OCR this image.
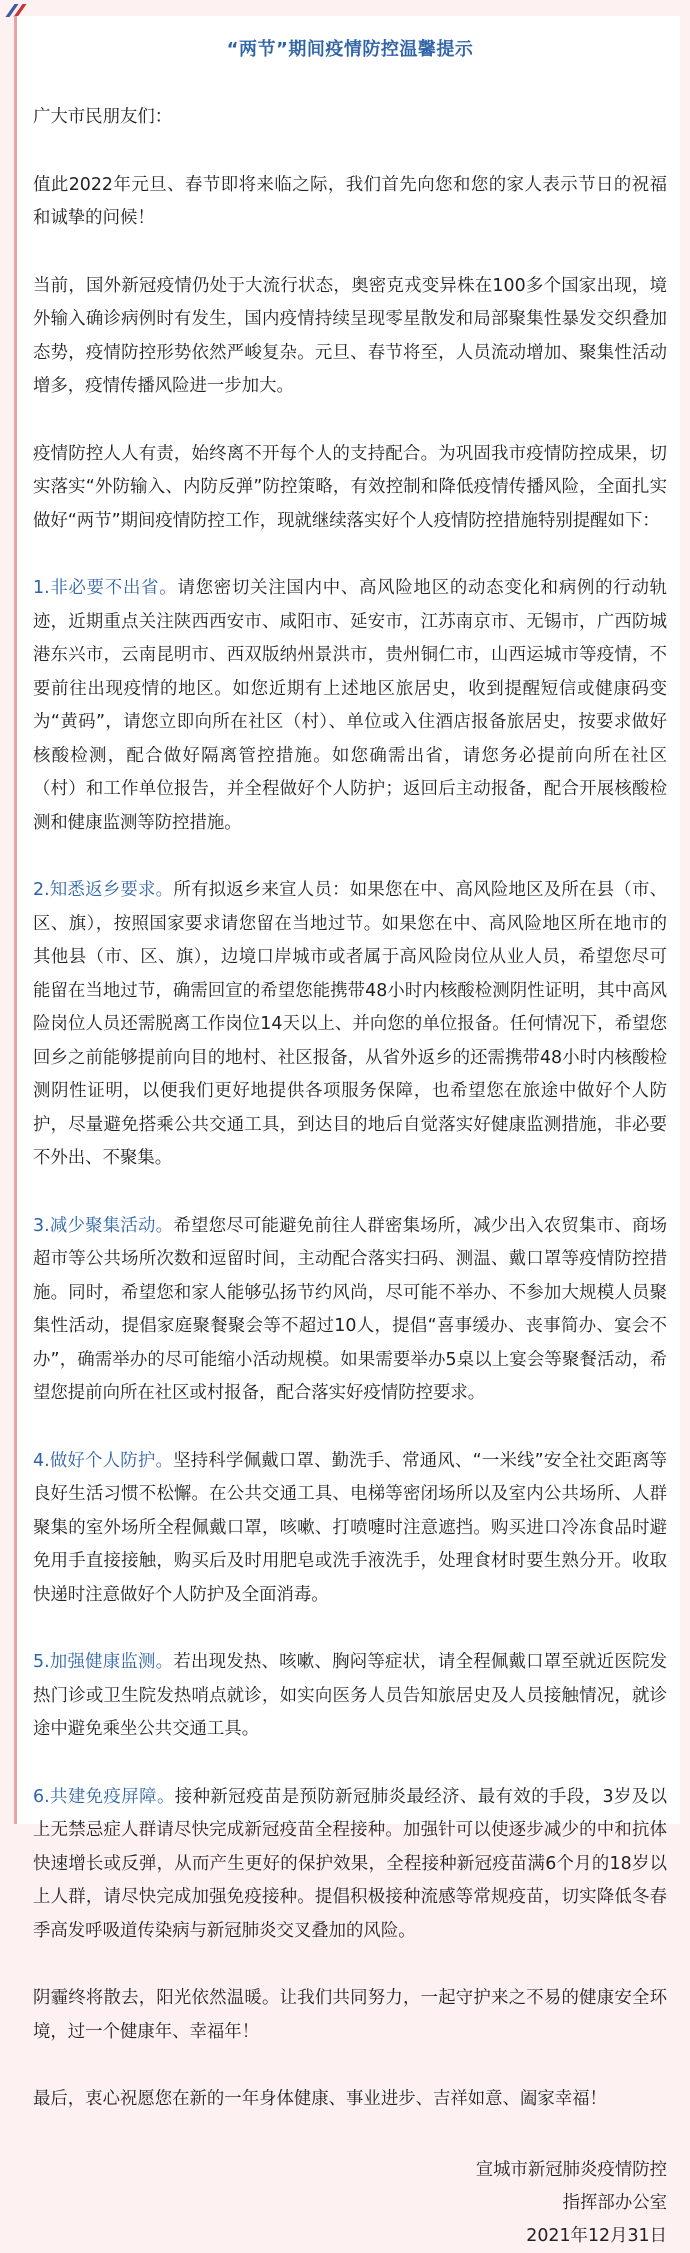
“两节”期间疫情防控温馨提示

广大市民朋友们：

值此2022年元旦、春节即将来临之际，我们首先向您和您的家人表示节日的祝福和诚挚的问候！

当前，国外新冠疫情仍处于大流行状态，奥密克戎变异株在100多个国家出现，境外输入确诊病例时有发生，国内疫情持续呈现零星散发和局部聚集性暴发交织叠加态势，疫情防控形势依然严峻复杂。元旦、春节将至，人员流动增加、聚集性活动增多，疫情传播风险进一步加大。

疫情防控人人有责，始终离不开每个人的支持配合。为巩固我市疫情防控成果，切实落实“外防输入、内防反弹”防控策略，有效控制和降低疫情传播风险，全面扎实做好“两节”期间疫情防控工作，现就继续落实好个人疫情防控措施特别提醒如下：

1.非必要不出省。请您密切关注国内中、高风险地区的动态变化和病例的行动轨迹，近期重点关注陕西西安市、咸阳市、延安市，江苏南京市、无锡市，广西防城港东兴市，云南昆明市、西双版纳州景洪市，贵州铜仁市，山西运城市等疫情，不要前往出现疫情的地区。如您近期有上述地区旅居史，收到提醒短信或健康码变为“黄码”，请您立即向所在社区（村）、单位或入住酒店报备旅居史，按要求做好核酸检测，配合做好隔离管控措施。如您确需出省，请您务必提前向所在社区（村）和工作单位报告，并全程做好个人防护；返回后主动报备，配合开展核酸检测和健康监测等防控措施。

2.知悉返乡要求。所有拟返乡来宣人员：如果您在中、高风险地区及所在县（市、区、旗），按照国家要求请您留在当地过节。如果您在中、高风险地区所在地市的其他县（市、区、旗），边境口岸城市或者属于高风险岗位从业人员，希望您尽可能留在当地过节，确需回宣的希望您能携带48小时内核酸检测阴性证明，其中高风险岗位人员还需脱离工作岗位14天以上、并向您的单位报备。任何情况下，希望您回乡之前能够提前向目的地村、社区报备，从省外返乡的还需携带48小时内核酸检测阴性证明，以便我们更好地提供各项服务保障，也希望您在旅途中做好个人防护，尽量避免搭乘公共交通工具，到达目的地后自觉落实好健康监测措施，非必要不外出、不聚集。

3.减少聚集活动。希望您尽可能避免前往人群密集场所，减少出入农贸集市、商场超市等公共场所次数和逗留时间，主动配合落实扫码、测温、戴口罩等疫情防控措施。同时，希望您和家人能够弘扬节约风尚，尽可能不举办、不参加大规模人员聚集性活动，提倡家庭聚餐聚会等不超过10人，提倡“喜事缓办、丧事简办、宴会不办”，确需举办的尽可能缩小活动规模。如果需要举办5桌以上宴会等聚餐活动，希望您提前向所在社区或村报备，配合落实好疫情防控要求。

4.做好个人防护。坚持科学佩戴口罩、勤洗手、常通风、“一米线”安全社交距离等良好生活习惯不松懈。在公共交通工具、电梯等密闭场所以及室内公共场所、人群聚集的室外场所全程佩戴口罩，咳嗽、打喷嚏时注意遮挡。购买进口冷冻食品时避免用手直接接触，购买后及时用肥皂或洗手液洗手，处理食材时要生熟分开。收取快递时注意做好个人防护及全面消毒。

5.加强健康监测。若出现发热、咳嗽、胸闷等症状，请全程佩戴口罩至就近医院发热门诊或卫生院发热哨点就诊，如实向医务人员告知旅居史及人员接触情况，就诊途中避免乘坐公共交通工具。

6.共建免疫屏障。接种新冠疫苗是预防新冠肺炎最经济、最有效的手段，3岁及以上无禁忌症人群请尽快完成新冠疫苗全程接种。加强针可以使逐步减少的中和抗体快速增长或反弹，从而产生更好的保护效果，全程接种新冠疫苗满6个月的18岁以上人群，请尽快完成加强免疫接种。提倡积极接种流感等常规疫苗，切实降低冬春季高发呼吸道传染病与新冠肺炎交叉叠加的风险。

阴霾终将散去，阳光依然温暖。让我们共同努力，一起守护来之不易的健康安全环境，过一个健康年、幸福年！

最后，衷心祝愿您在新的一年身体健康、事业进步、吉祥如意、阖家幸福！

宣城市新冠肺炎疫情防控
指挥部办公室
2021年12月31日
